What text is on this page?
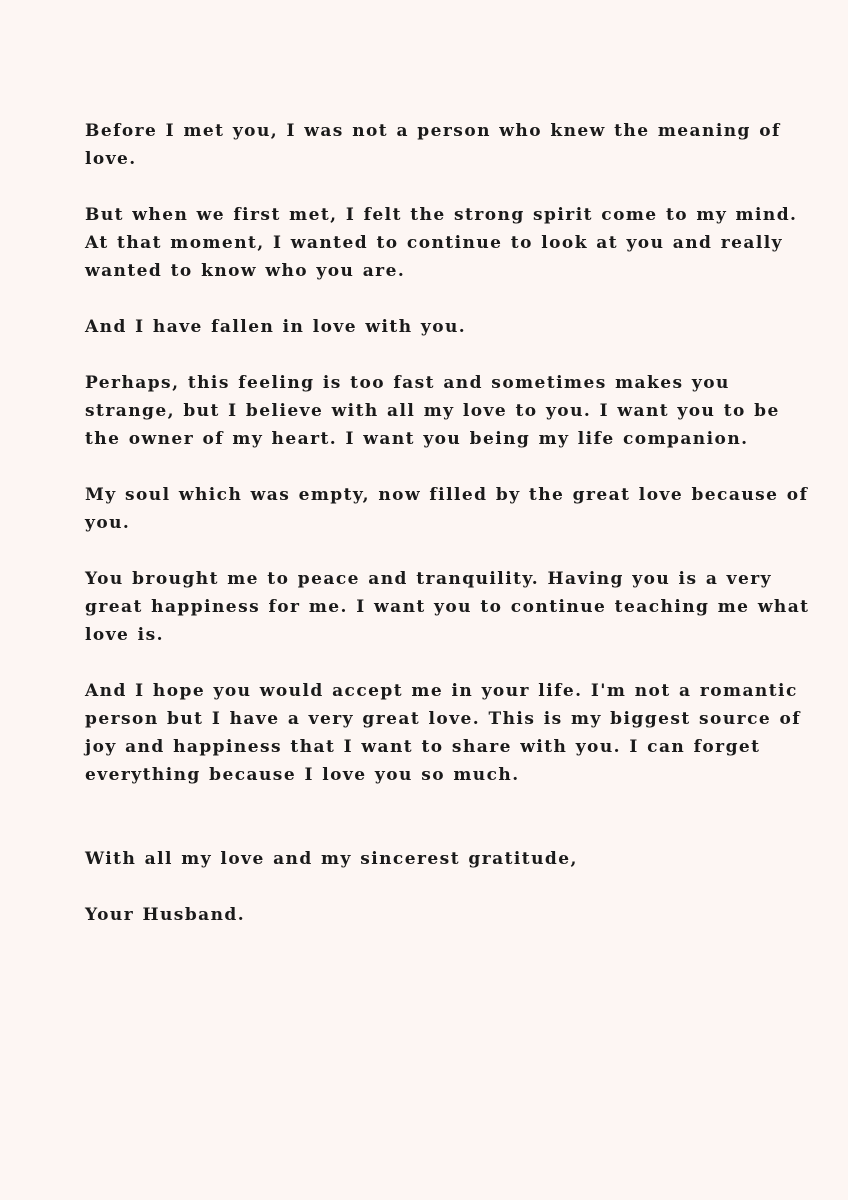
Before I met you, I was not a person who knew the meaning of love.

But when we first met, I felt the strong spirit come to my mind. At that moment, I wanted to continue to look at you and really wanted to know who you are.

And I have fallen in love with you.

Perhaps, this feeling is too fast and sometimes makes you strange, but I believe with all my love to you. I want you to be the owner of my heart. I want you being my life companion.

My soul which was empty, now filled by the great love because of you.

You brought me to peace and tranquility. Having you is a very great happiness for me. I want you to continue teaching me what love is.

And I hope you would accept me in your life. I'm not a romantic person but I have a very great love. This is my biggest source of joy and happiness that I want to share with you. I can forget everything because I love you so much.

With all my love and my sincerest gratitude,

Your Husband.
